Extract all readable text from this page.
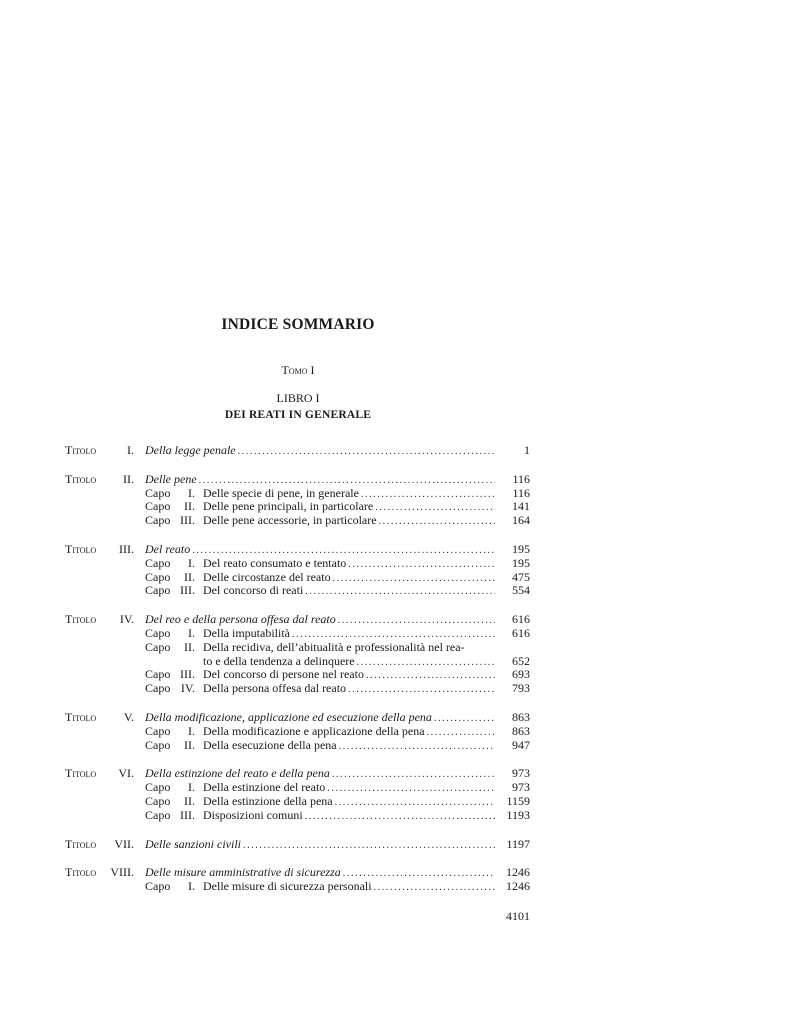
INDICE SOMMARIO
Tomo I
LIBRO I
DEI REATI IN GENERALE
Titolo	I. Della legge penale .....	1
Titolo	II. Delle pene .....	116
Capo	I. Delle specie di pene, in generale .....	116
Capo	II. Delle pene principali, in particolare .....	141
Capo III. Delle pene accessorie, in particolare .....	164
Titolo	III. Del reato .....	195
Capo	I. Del reato consumato e tentato .....	195
Capo	II. Delle circostanze del reato .....	475
Capo III. Del concorso di reati .....	554
Titolo	IV. Del reo e della persona offesa dal reato .....	616
Capo	I. Della imputabilità .....	616
Capo	II. Della recidiva, dell’abitualità e professionalità nel rea-
to e della tendenza a delinquere .....	652
Capo III. Del concorso di persone nel reato .....	693
Capo IV. Della persona offesa dal reato .....	793
Titolo	V. Della modificazione, applicazione ed esecuzione della pena .....	863
Capo	I. Della modificazione e applicazione della pena .....	863
Capo	II. Della esecuzione della pena .....	947
Titolo	VI. Della estinzione del reato e della pena .....	973
Capo	I. Della estinzione del reato .....	973
Capo	II. Della estinzione della pena .....	1159
Capo III. Disposizioni comuni .....	1193
Titolo	VII. Delle sanzioni civili .....	1197
Titolo	VIII. Delle misure amministrative di sicurezza .....	1246
Capo	I. Delle misure di sicurezza personali .....	1246
4101
